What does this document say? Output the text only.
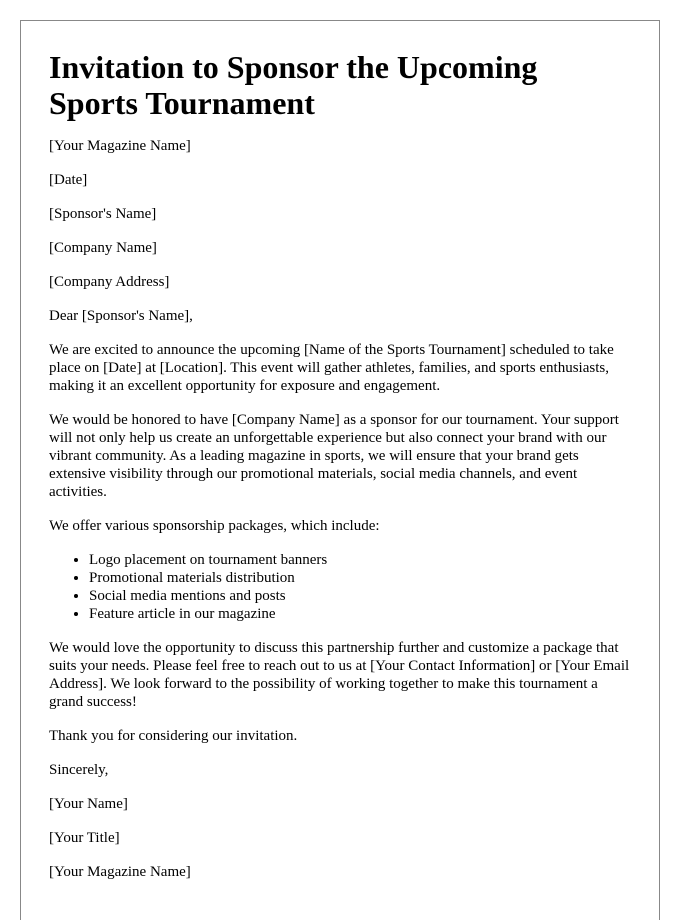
Invitation to Sponsor the Upcoming Sports Tournament

[Your Magazine Name]

[Date]

[Sponsor's Name]

[Company Name]

[Company Address]

Dear [Sponsor's Name],

We are excited to announce the upcoming [Name of the Sports Tournament] scheduled to take place on [Date] at [Location]. This event will gather athletes, families, and sports enthusiasts, making it an excellent opportunity for exposure and engagement.

We would be honored to have [Company Name] as a sponsor for our tournament. Your support will not only help us create an unforgettable experience but also connect your brand with our vibrant community. As a leading magazine in sports, we will ensure that your brand gets extensive visibility through our promotional materials, social media channels, and event activities.

We offer various sponsorship packages, which include:

• Logo placement on tournament banners
• Promotional materials distribution
• Social media mentions and posts
• Feature article in our magazine

We would love the opportunity to discuss this partnership further and customize a package that suits your needs. Please feel free to reach out to us at [Your Contact Information] or [Your Email Address]. We look forward to the possibility of working together to make this tournament a grand success!

Thank you for considering our invitation.

Sincerely,

[Your Name]

[Your Title]

[Your Magazine Name]
